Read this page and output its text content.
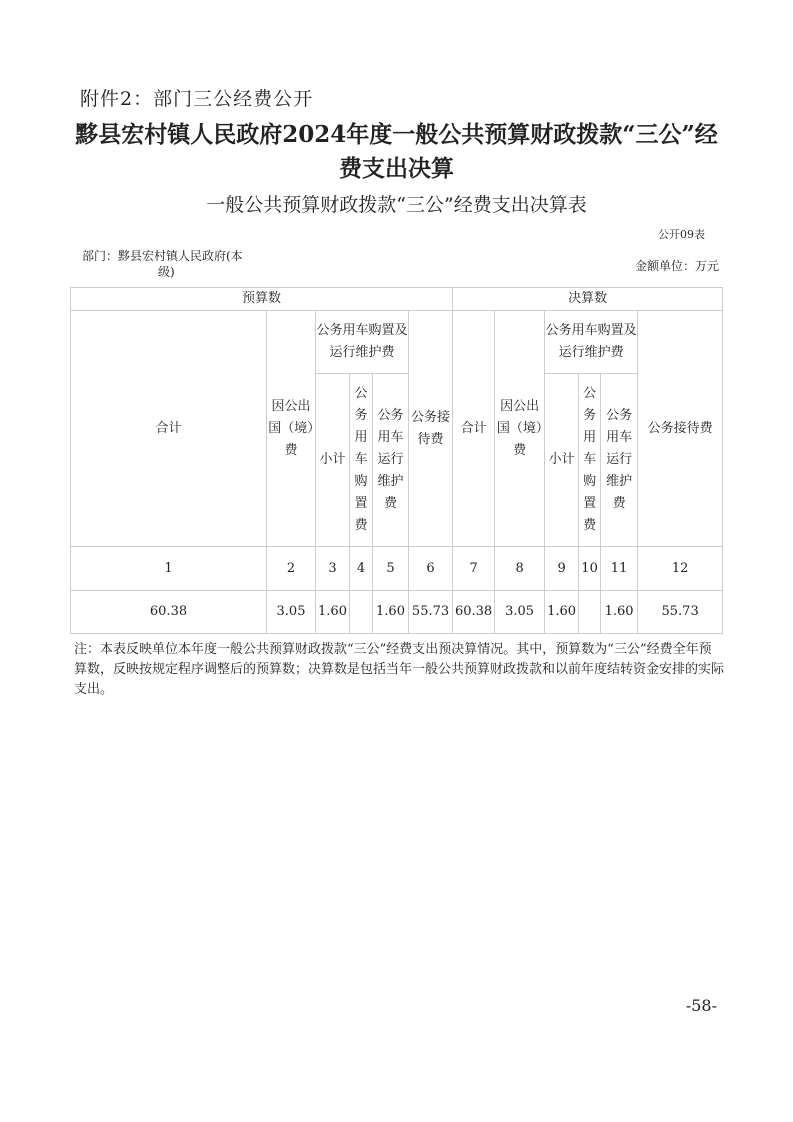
附件2：部门三公经费公开
黟县宏村镇人民政府2024年度一般公共预算财政拨款“三公”经费支出决算
一般公共预算财政拨款“三公”经费支出决算表
公开09表
部门：黟县宏村镇人民政府(本
级)	金额单位：万元
预算数						决算数					
合计	因公出国（境）费	公务用车购置及运行维护费			公务接待费	合计	因公出国（境）费	公务用车购置及运行维护费			公务接待费
		小计	公务用车购置费	公务用车运行维护费				小计	公务用车购置费	公务用车运行维护费	
1	2	3	4	5	6	7	8	9	10	11	12
60.38	3.05	1.60		1.60	55.73	60.38	3.05	1.60		1.60	55.73
注：本表反映单位本年度一般公共预算财政拨款“三公”经费支出预决算情况。其中，预算数为“三公”经费全年预算数，反映按规定程序调整后的预算数；决算数是包括当年一般公共预算财政拨款和以前年度结转资金安排的实际支出。
-58-
